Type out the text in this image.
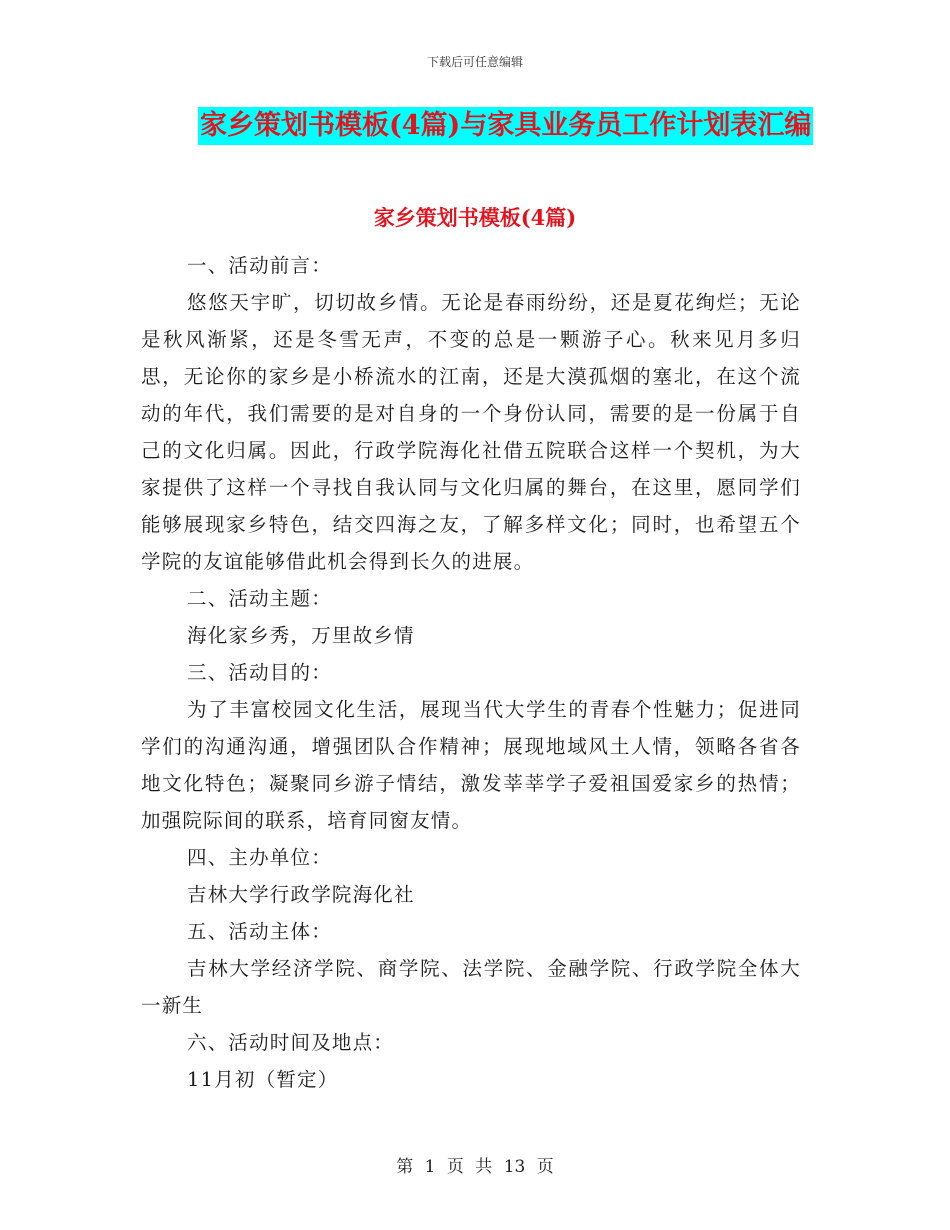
下载后可任意编辑
家乡策划书模板(4篇)与家具业务员工作计划表汇编
家乡策划书模板(4篇)

一、活动前言：

悠悠天宇旷，切切故乡情。无论是春雨纷纷，还是夏花绚烂；无论是秋风渐紧，还是冬雪无声，不变的总是一颗游子心。秋来见月多归思，无论你的家乡是小桥流水的江南，还是大漠孤烟的塞北，在这个流动的年代，我们需要的是对自身的一个身份认同，需要的是一份属于自己的文化归属。因此，行政学院海化社借五院联合这样一个契机，为大家提供了这样一个寻找自我认同与文化归属的舞台，在这里，愿同学们能够展现家乡特色，结交四海之友，了解多样文化；同时，也希望五个学院的友谊能够借此机会得到长久的进展。

二、活动主题：

海化家乡秀，万里故乡情

三、活动目的：

为了丰富校园文化生活，展现当代大学生的青春个性魅力；促进同学们的沟通沟通，增强团队合作精神；展现地域风土人情，领略各省各地文化特色；凝聚同乡游子情结，激发莘莘学子爱祖国爱家乡的热情；加强院际间的联系，培育同窗友情。

四、主办单位：

吉林大学行政学院海化社

五、活动主体：

吉林大学经济学院、商学院、法学院、金融学院、行政学院全体大一新生

六、活动时间及地点：

11月初（暂定）

第 1 页 共 13 页
